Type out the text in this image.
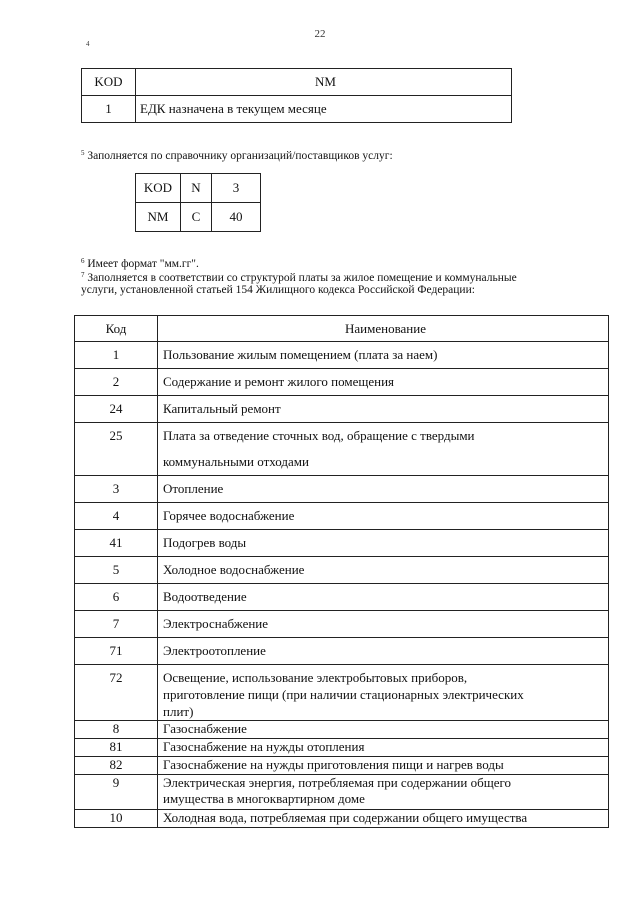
22
4
KOD	NM
1	ЕДК назначена в текущем месяце
$^5$ Заполняется по справочнику организаций/поставщиков услуг:
KOD	N	3
NM	C	40
$^6$ Имеет формат "мм.гг".
$^7$ Заполняется в соответствии со структурой платы за жилое помещение и коммунальные
услуги, установленной статьей 154 Жилищного кодекса Российской Федерации:
Код	Наименование
1	Пользование жилым помещением (плата за наем)
2	Содержание и ремонт жилого помещения
24	Капитальный ремонт
25	Плата за отведение сточных вод, обращение с твердыми
коммунальными отходами

3	Отопление
4	Горячее водоснабжение
41	Подогрев воды
5	Холодное водоснабжение
6	Водоотведение
7	Электроснабжение
71	Электроотопление
72	Освещение, использование электробытовых приборов,
приготовление пищи (при наличии стационарных электрических
плит)

8	Газоснабжение
81	Газоснабжение на нужды отопления
82	Газоснабжение на нужды приготовления пищи и нагрев воды
9	Электрическая энергия, потребляемая при содержании общего
имущества в многоквартирном доме

10	Холодная вода, потребляемая при содержании общего имущества
